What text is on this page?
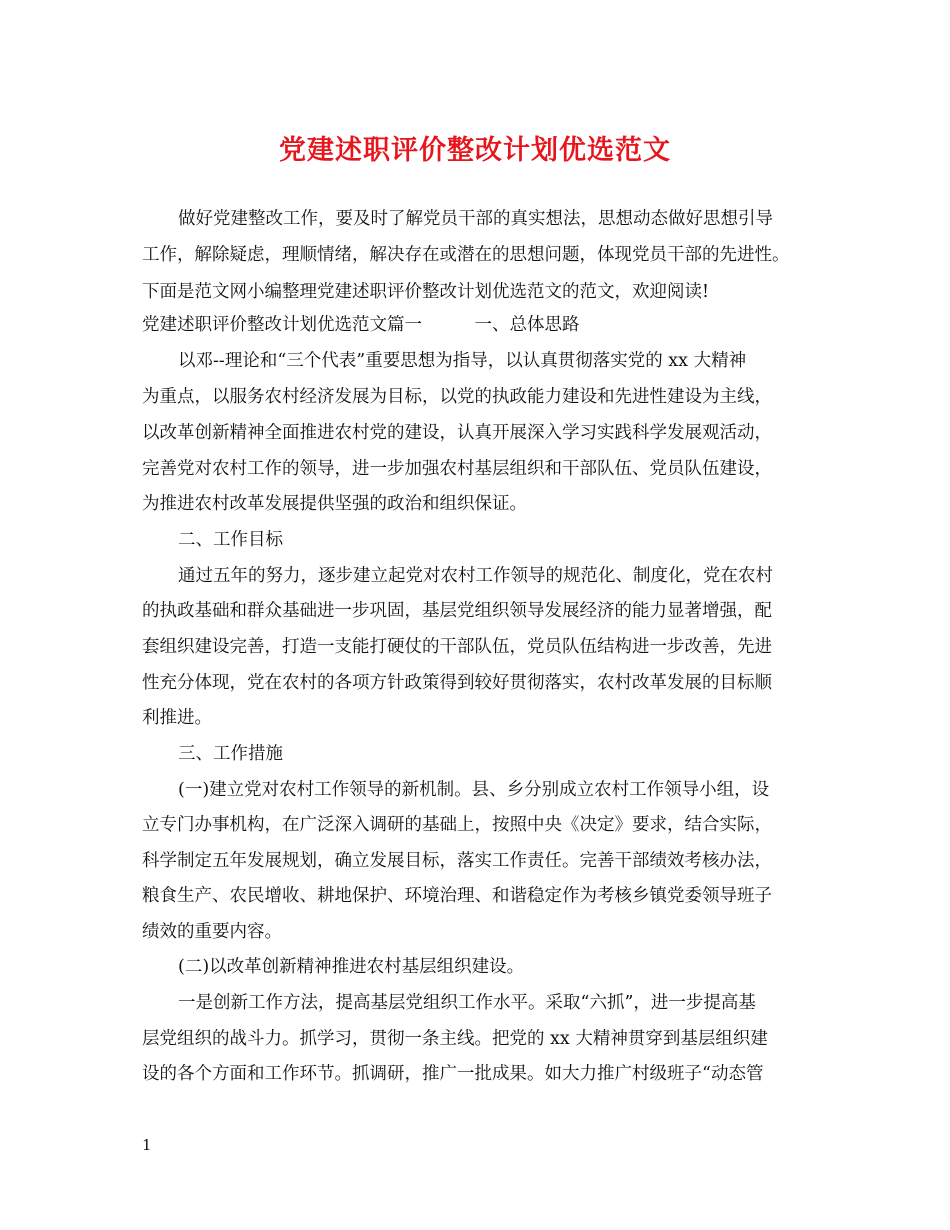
党建述职评价整改计划优选范文
做好党建整改工作，要及时了解党员干部的真实想法，思想动态做好思想引导
工作，解除疑虑，理顺情绪，解决存在或潜在的思想问题，体现党员干部的先进性。
下面是范文网小编整理党建述职评价整改计划优选范文的范文，欢迎阅读!
党建述职评价整改计划优选范文篇一　　　一、总体思路
以邓--理论和“三个代表”重要思想为指导，以认真贯彻落实党的 xx 大精神
为重点，以服务农村经济发展为目标，以党的执政能力建设和先进性建设为主线，
以改革创新精神全面推进农村党的建设，认真开展深入学习实践科学发展观活动，
完善党对农村工作的领导，进一步加强农村基层组织和干部队伍、党员队伍建设，
为推进农村改革发展提供坚强的政治和组织保证。
二、工作目标
通过五年的努力，逐步建立起党对农村工作领导的规范化、制度化，党在农村
的执政基础和群众基础进一步巩固，基层党组织领导发展经济的能力显著增强，配
套组织建设完善，打造一支能打硬仗的干部队伍，党员队伍结构进一步改善，先进
性充分体现，党在农村的各项方针政策得到较好贯彻落实，农村改革发展的目标顺
利推进。
三、工作措施
(一)建立党对农村工作领导的新机制。县、乡分别成立农村工作领导小组，设
立专门办事机构，在广泛深入调研的基础上，按照中央《决定》要求，结合实际，
科学制定五年发展规划，确立发展目标，落实工作责任。完善干部绩效考核办法，
粮食生产、农民增收、耕地保护、环境治理、和谐稳定作为考核乡镇党委领导班子
绩效的重要内容。
(二)以改革创新精神推进农村基层组织建设。
一是创新工作方法，提高基层党组织工作水平。采取“六抓”，进一步提高基
层党组织的战斗力。抓学习，贯彻一条主线。把党的 xx 大精神贯穿到基层组织建
设的各个方面和工作环节。抓调研，推广一批成果。如大力推广村级班子“动态管
1
